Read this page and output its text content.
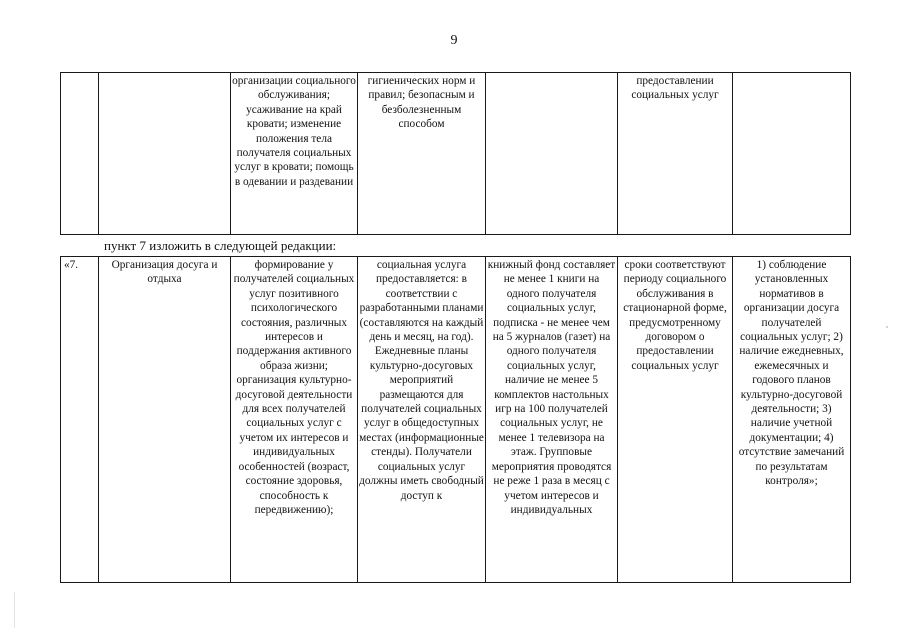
9
		организации социального обслуживания; усаживание на край кровати; изменение положения тела получателя социальных услуг в кровати; помощь в одевании и раздевании	гигиенических норм и правил; безопасным и безболезненным способом		предоставлении социальных услуг	
пункт 7 изложить в следующей редакции:
«7.	Организация досуга и отдыха	формирование у получателей социальных услуг позитивного психологического состояния, различных интересов и поддержания активного образа жизни; организация культурно-досуговой деятельности для всех получателей социальных услуг с учетом их интересов и индивидуальных особенностей (возраст, состояние здоровья, способность к передвижению);	социальная услуга предоставляется: в соответствии с разработанными планами (составляются на каждый день и месяц, на год). Ежедневные планы культурно-досуговых мероприятий размещаются для получателей социальных услуг в общедоступных местах (информационные стенды). Получатели социальных услуг должны иметь свободный доступ к	книжный фонд составляет не менее 1 книги на одного получателя социальных услуг, подписка - не менее чем на 5 журналов (газет) на одного получателя социальных услуг, наличие не менее 5 комплектов настольных игр на 100 получателей социальных услуг, не менее 1 телевизора на этаж. Групповые мероприятия проводятся не реже 1 раза в месяц с учетом интересов и индивидуальных	сроки соответствуют периоду социального обслуживания в стационарной форме, предусмотренному договором о предоставлении социальных услуг	1) соблюдение установленных нормативов в организации досуга получателей социальных услуг; 2) наличие ежедневных, ежемесячных и годового планов культурно-досуговой деятельности; 3) наличие учетной документации; 4) отсутствие замечаний по результатам контроля»;
